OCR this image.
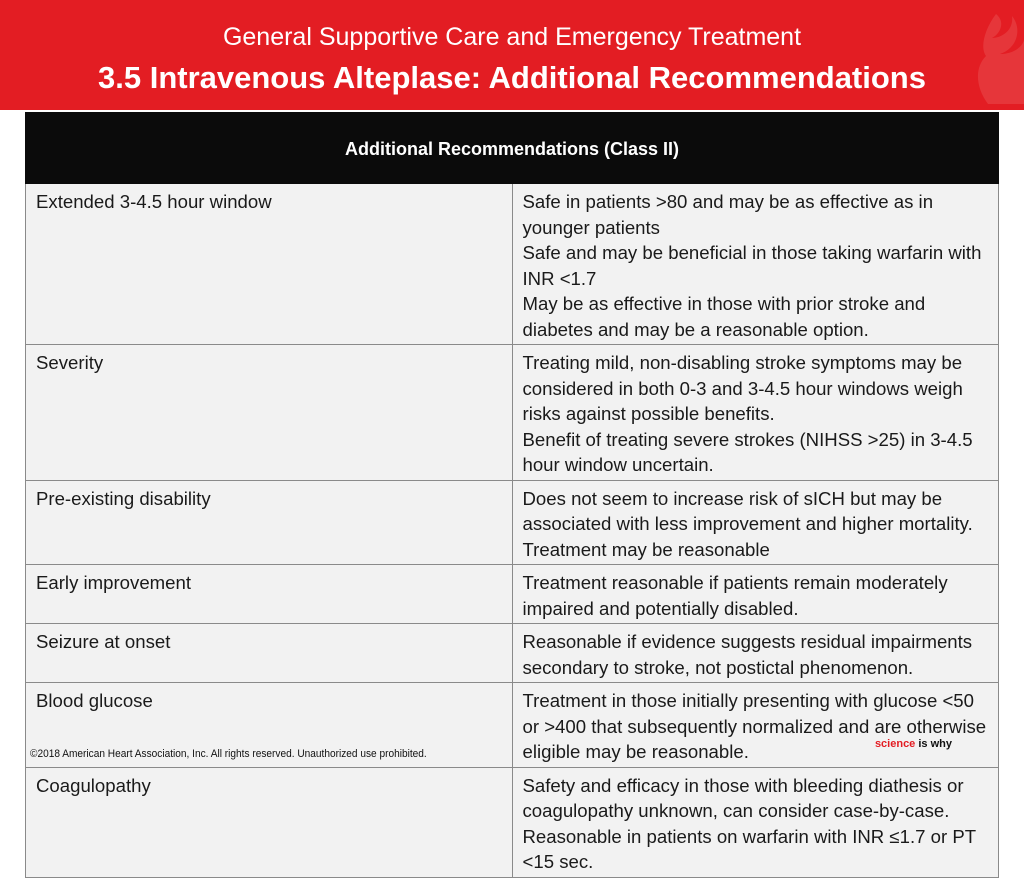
General Supportive Care and Emergency Treatment
3.5 Intravenous Alteplase: Additional Recommendations
Additional Recommendations (Class II)	
Extended 3-4.5 hour window	Safe in patients >80 and may be as effective as in younger patients
Safe and may be beneficial in those taking warfarin with INR <1.7
May be as effective in those with prior stroke and diabetes and may be a reasonable option.

Severity	Treating mild, non-disabling stroke symptoms may be considered in both 0-3 and 3-4.5 hour windows weigh risks against possible benefits.
Benefit of treating severe strokes (NIHSS >25) in 3-4.5 hour window uncertain.

Pre-existing disability	Does not seem to increase risk of sICH but may be associated with less improvement and higher mortality. Treatment may be reasonable

Early improvement	Treatment reasonable if patients remain moderately impaired and potentially disabled.

Seizure at onset	Reasonable if evidence suggests residual impairments secondary to stroke, not postictal phenomenon.

Blood glucose	Treatment in those initially presenting with glucose <50 or >400 that subsequently normalized and are otherwise eligible may be reasonable.

Coagulopathy	Safety and efficacy in those with bleeding diathesis or coagulopathy unknown, can consider case-by-case.
Reasonable in patients on warfarin with INR ≤1.7 or PT <15 sec.
science is why
©2018 American Heart Association, Inc. All rights reserved. Unauthorized use prohibited.
